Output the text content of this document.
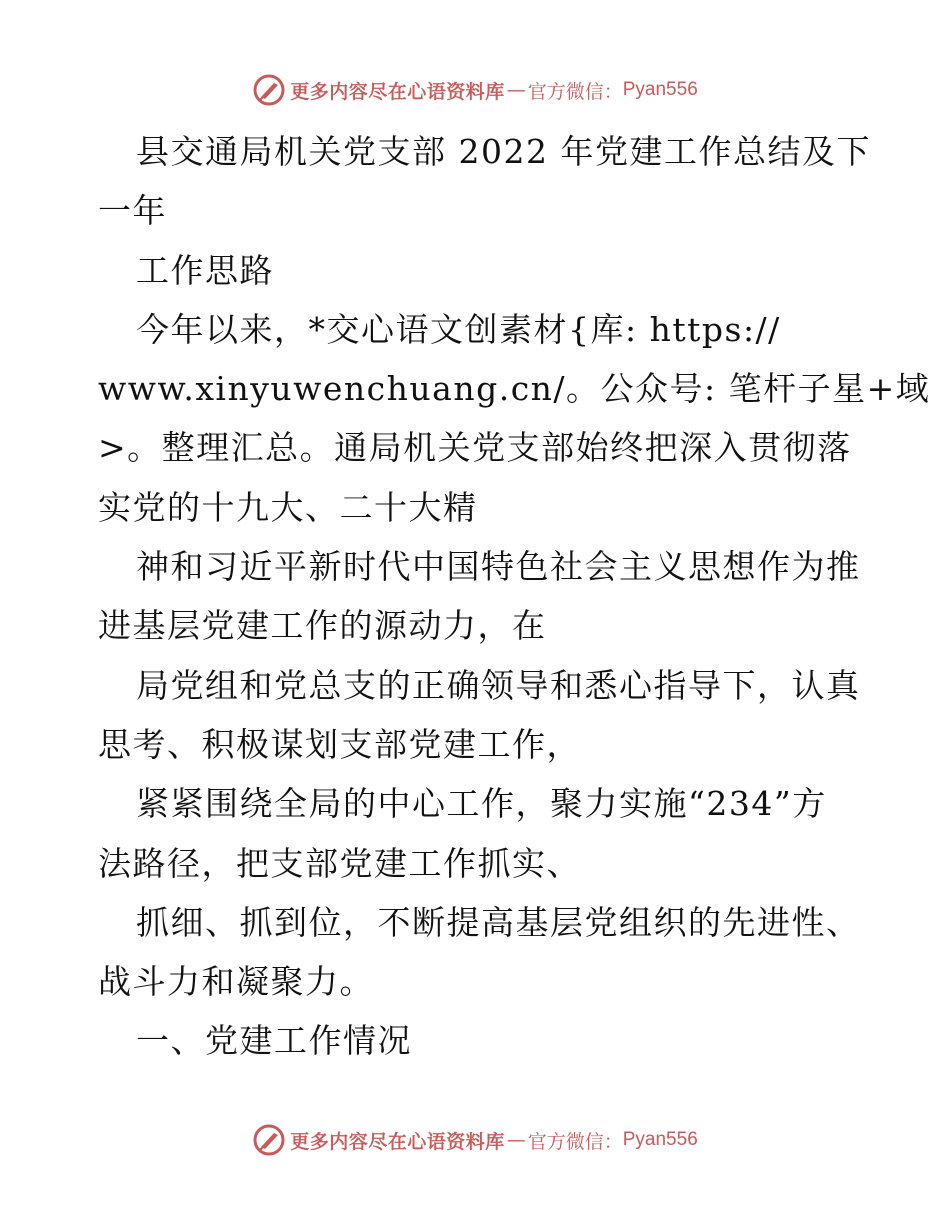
更多内容尽在心语资料库 — 官方微信： Pyan556
县交通局机关党支部 2022 年党建工作总结及下
一年
工作思路
今年以来，*交心语文创素材{库: https://
www.xinyuwenchuang.cn/。公众号: 笔杆子星+域
>。整理汇总。通局机关党支部始终把深入贯彻落
实党的十九大、二十大精
神和习近平新时代中国特色社会主义思想作为推
进基层党建工作的源动力，在
局党组和党总支的正确领导和悉心指导下，认真
思考、积极谋划支部党建工作，
紧紧围绕全局的中心工作，聚力实施“234”方
法路径，把支部党建工作抓实、
抓细、抓到位，不断提高基层党组织的先进性、
战斗力和凝聚力。
一、党建工作情况
更多内容尽在心语资料库 — 官方微信： Pyan556
